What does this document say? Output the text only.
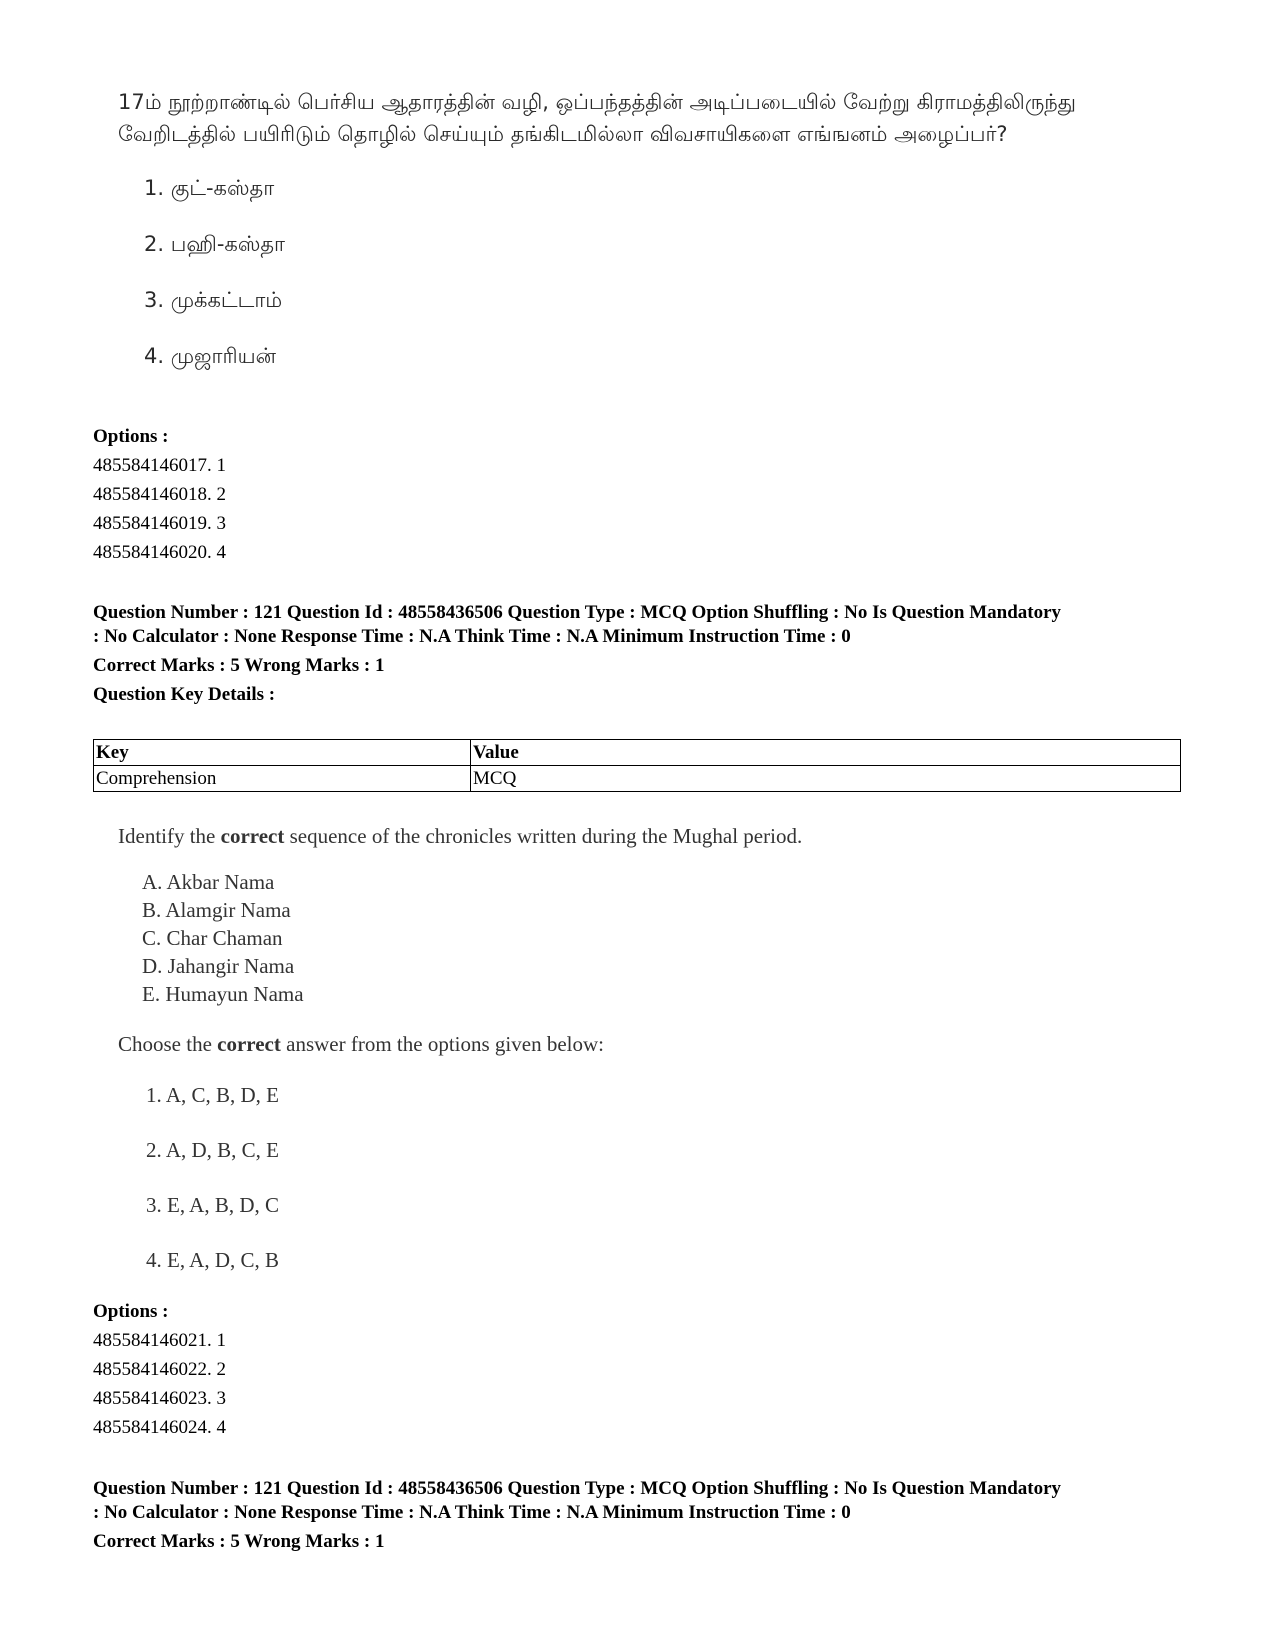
17ம் நூற்றாண்டில் பெர்சிய ஆதாரத்தின் வழி, ஒப்பந்தத்தின் அடிப்படையில் வேற்று கிராமத்திலிருந்து வேறிடத்தில் பயிரிடும் தொழில் செய்யும் தங்கிடமில்லா விவசாயிகளை எங்ஙனம் அழைப்பர்?

1. குட்-கஸ்தா

2. பஹி-கஸ்தா

3. முக்கட்டாம்

4. முஜாரியன்

Options :

485584146017. 1

485584146018. 2

485584146019. 3

485584146020. 4

Question Number : 121 Question Id : 48558436506 Question Type : MCQ Option Shuffling : No Is Question Mandatory

: No Calculator : None Response Time : N.A Think Time : N.A Minimum Instruction Time : 0

Correct Marks : 5 Wrong Marks : 1

Question Key Details :

Key	Value
Comprehension	MCQ

Identify the correct sequence of the chronicles written during the Mughal period.

A. Akbar Nama

B. Alamgir Nama

C. Char Chaman

D. Jahangir Nama

E. Humayun Nama

Choose the correct answer from the options given below:

1. A, C, B, D, E

2. A, D, B, C, E

3. E, A, B, D, C

4. E, A, D, C, B

Options :

485584146021. 1

485584146022. 2

485584146023. 3

485584146024. 4

Question Number : 121 Question Id : 48558436506 Question Type : MCQ Option Shuffling : No Is Question Mandatory

: No Calculator : None Response Time : N.A Think Time : N.A Minimum Instruction Time : 0

Correct Marks : 5 Wrong Marks : 1
